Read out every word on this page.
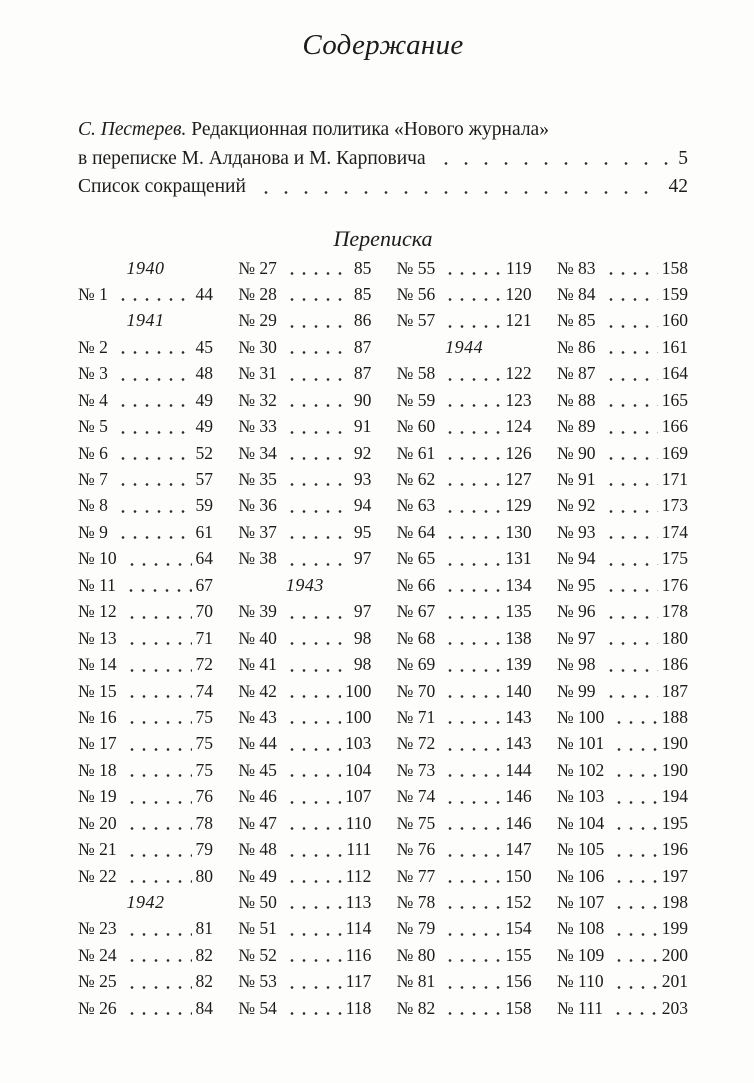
Содержание
С. Пестерев. Редакционная политика «Нового журнала»
в переписке М. Алданова и М. Карповича	5
Список сокращений	42
Переписка
1940
№ 1	44
1941
№ 2	45
№ 3	48
№ 4	49
№ 5	49
№ 6	52
№ 7	57
№ 8	59
№ 9	61
№ 10	64
№ 11	67
№ 12	70
№ 13	71
№ 14	72
№ 15	74
№ 16	75
№ 17	75
№ 18	75
№ 19	76
№ 20	78
№ 21	79
№ 22	80
1942
№ 23	81
№ 24	82
№ 25	82
№ 26	84
№ 27	85
№ 28	85
№ 29	86
№ 30	87
№ 31	87
№ 32	90
№ 33	91
№ 34	92
№ 35	93
№ 36	94
№ 37	95
№ 38	97
1943
№ 39	97
№ 40	98
№ 41	98
№ 42	100
№ 43	100
№ 44	103
№ 45	104
№ 46	107
№ 47	110
№ 48	111
№ 49	112
№ 50	113
№ 51	114
№ 52	116
№ 53	117
№ 54	118
№ 55	119
№ 56	120
№ 57	121
1944
№ 58	122
№ 59	123
№ 60	124
№ 61	126
№ 62	127
№ 63	129
№ 64	130
№ 65	131
№ 66	134
№ 67	135
№ 68	138
№ 69	139
№ 70	140
№ 71	143
№ 72	143
№ 73	144
№ 74	146
№ 75	146
№ 76	147
№ 77	150
№ 78	152
№ 79	154
№ 80	155
№ 81	156
№ 82	158
№ 83	158
№ 84	159
№ 85	160
№ 86	161
№ 87	164
№ 88	165
№ 89	166
№ 90	169
№ 91	171
№ 92	173
№ 93	174
№ 94	175
№ 95	176
№ 96	178
№ 97	180
№ 98	186
№ 99	187
№ 100	188
№ 101	190
№ 102	190
№ 103	194
№ 104	195
№ 105	196
№ 106	197
№ 107	198
№ 108	199
№ 109	200
№ 110	201
№ 111	203
